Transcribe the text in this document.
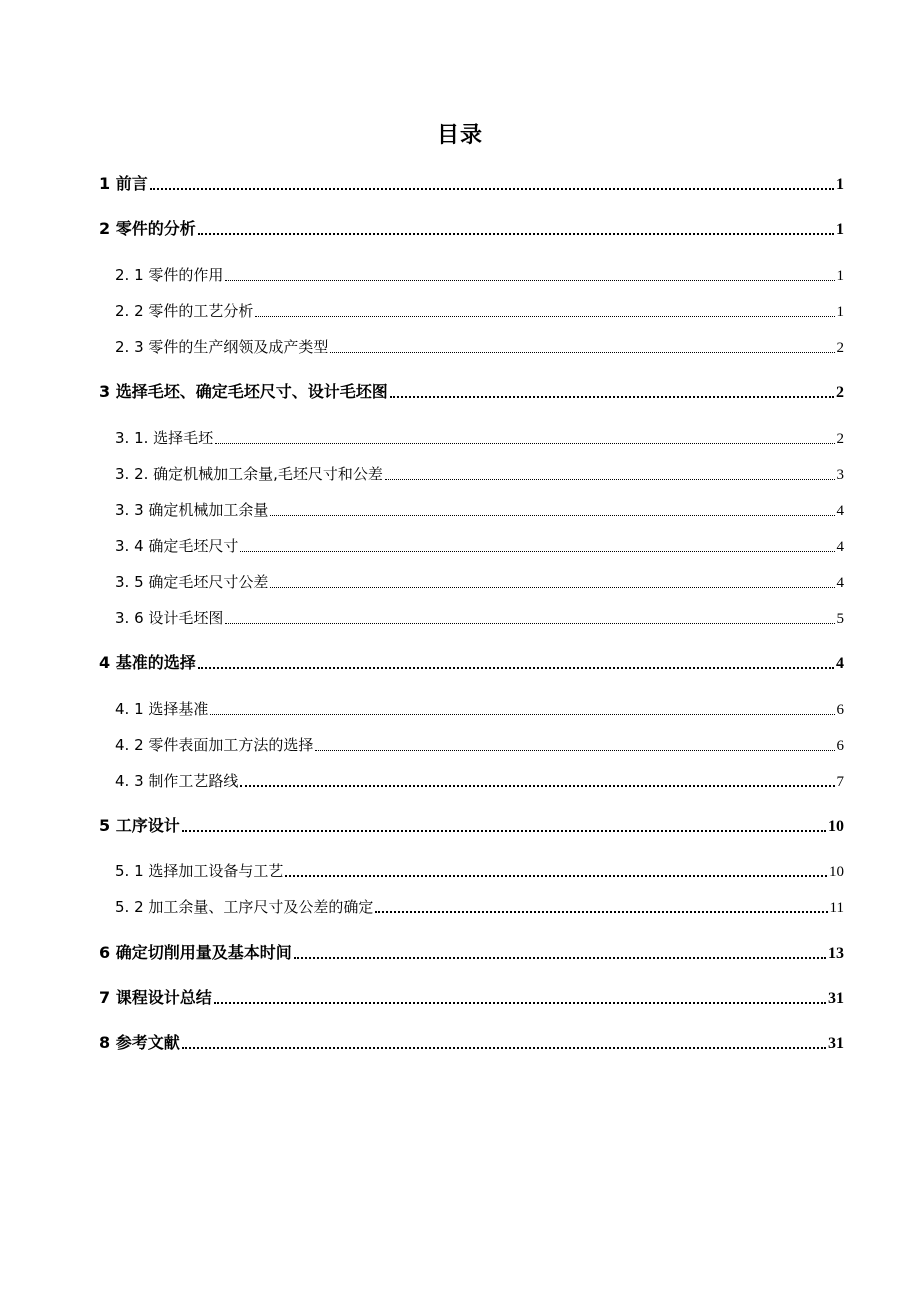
目录
1 前言	1
2 零件的分析	1
2. 1 零件的作用	1
2. 2 零件的工艺分析	1
2. 3 零件的生产纲领及成产类型	2
3 选择毛坯、确定毛坯尺寸、设计毛坯图	2
3. 1. 选择毛坯	2
3. 2. 确定机械加工余量,毛坯尺寸和公差	3
3. 3 确定机械加工余量	4
3. 4 确定毛坯尺寸	4
3. 5 确定毛坯尺寸公差	4
3. 6 设计毛坯图	5
4 基准的选择	4
4. 1 选择基准	6
4. 2 零件表面加工方法的选择	6
4. 3 制作工艺路线	7
5 工序设计	10
5. 1 选择加工设备与工艺	10
5. 2 加工余量、工序尺寸及公差的确定	11
6 确定切削用量及基本时间	13
7 课程设计总结	31
8 参考文献	31
